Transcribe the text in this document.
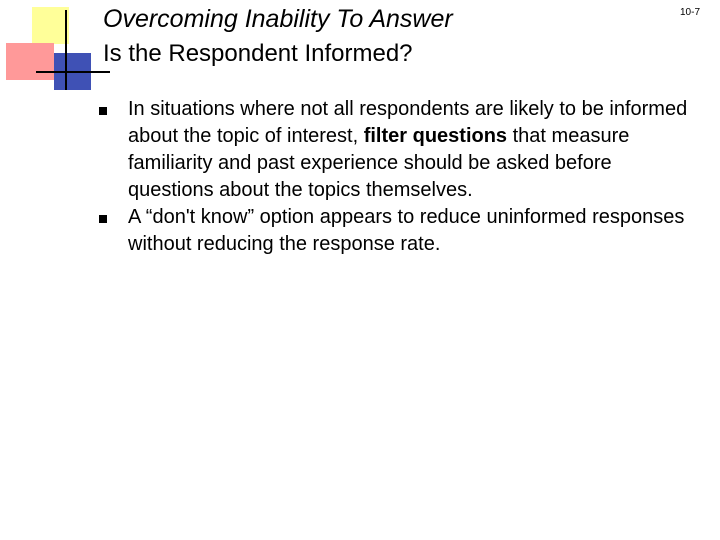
Overcoming Inability To Answer	10-7
Is the Respondent Informed?
In situations where not all respondents are likely to be informed about the topic of interest, filter questions that measure familiarity and past experience should be asked before questions about the topics themselves.
A “don't know” option appears to reduce uninformed responses without reducing the response rate.
